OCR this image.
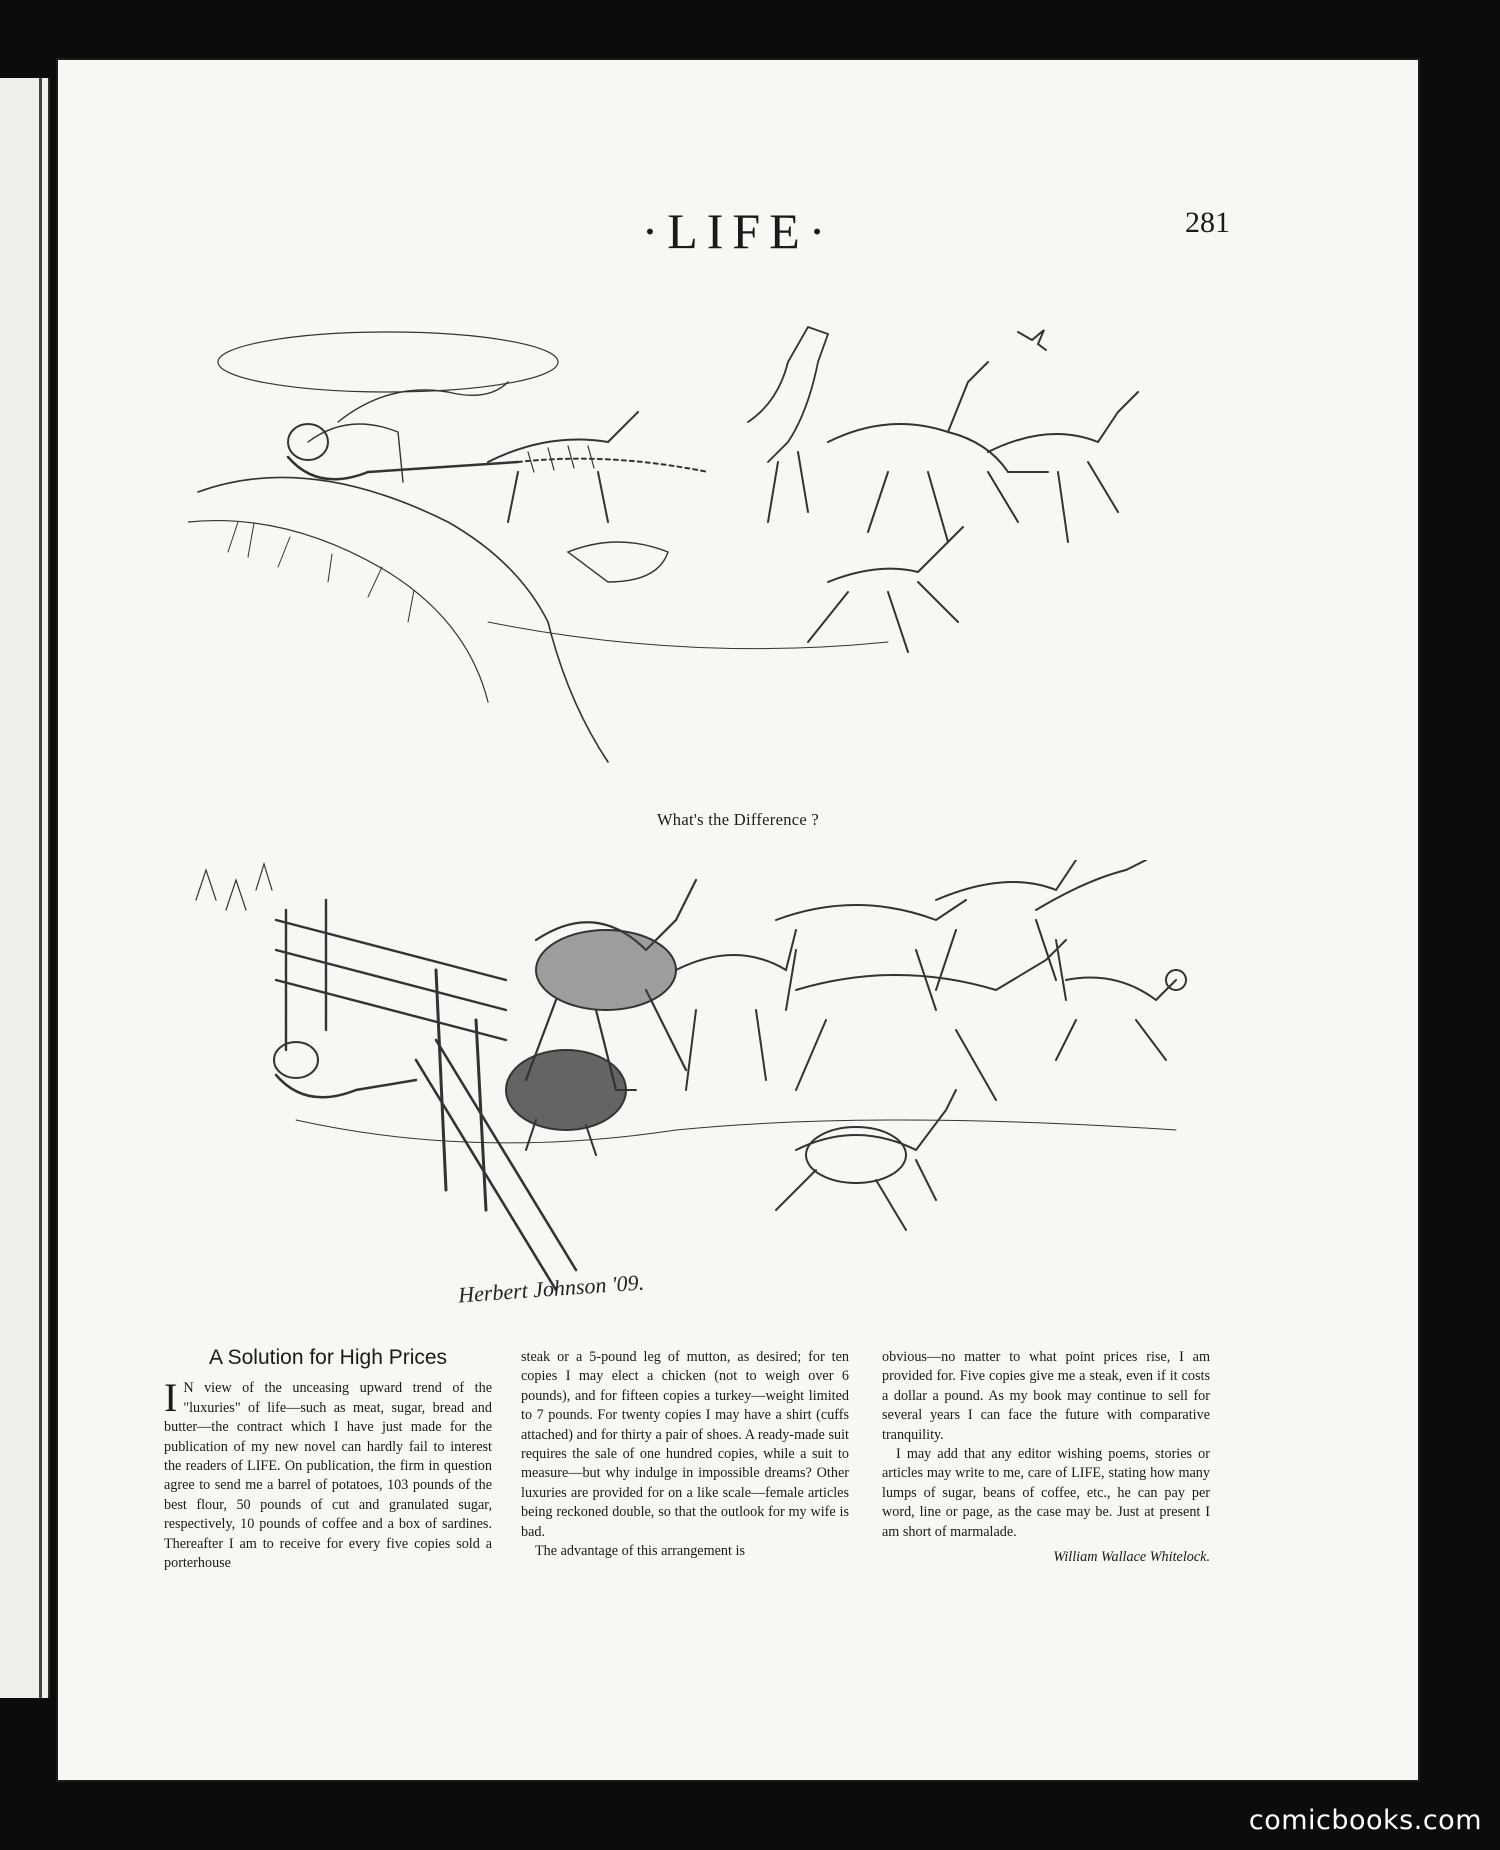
·LIFE·	281
What's the Difference ?
Herbert Johnson '09.
A Solution for High Prices

I N view of the unceasing upward trend of the "luxuries" of life—such as meat, sugar, bread and butter—the contract which I have just made for the publication of my new novel can hardly fail to interest the readers of LIFE. On publication, the firm in question agree to send me a barrel of potatoes, 103 pounds of the best flour, 50 pounds of cut and granulated sugar, respectively, 10 pounds of coffee and a box of sardines. Thereafter I am to receive for every five copies sold a porterhouse

steak or a 5-pound leg of mutton, as desired; for ten copies I may elect a chicken (not to weigh over 6 pounds), and for fifteen copies a turkey—weight limited to 7 pounds. For twenty copies I may have a shirt (cuffs attached) and for thirty a pair of shoes. A ready-made suit requires the sale of one hundred copies, while a suit to measure—but why indulge in impossible dreams? Other luxuries are provided for on a like scale—female articles being reckoned double, so that the outlook for my wife is bad.

The advantage of this arrangement is

obvious—no matter to what point prices rise, I am provided for. Five copies give me a steak, even if it costs a dollar a pound. As my book may continue to sell for several years I can face the future with comparative tranquility.

I may add that any editor wishing poems, stories or articles may write to me, care of LIFE, stating how many lumps of sugar, beans of coffee, etc., he can pay per word, line or page, as the case may be. Just at present I am short of marmalade.

William Wallace Whitelock.
comicbooks.com
